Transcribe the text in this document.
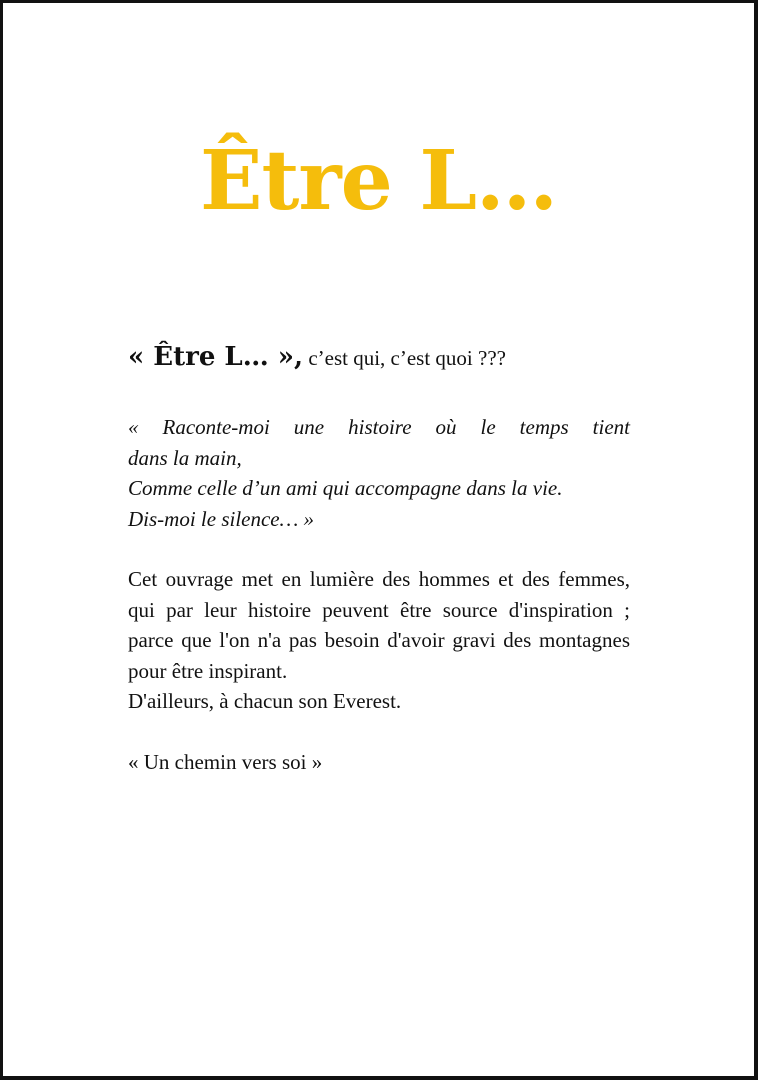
Être L…

« Être L… », c’est qui, c’est quoi ???

« Raconte-moi une histoire où le temps tient
dans la main,
Comme celle d’un ami qui accompagne dans la vie.
Dis-moi le silence… »
Cet ouvrage met en lumière des hommes et des femmes, qui par leur histoire peuvent être source d'inspiration ; parce que l'on n'a pas besoin d'avoir gravi des montagnes pour être inspirant.
D'ailleurs, à chacun son Everest.

« Un chemin vers soi »
